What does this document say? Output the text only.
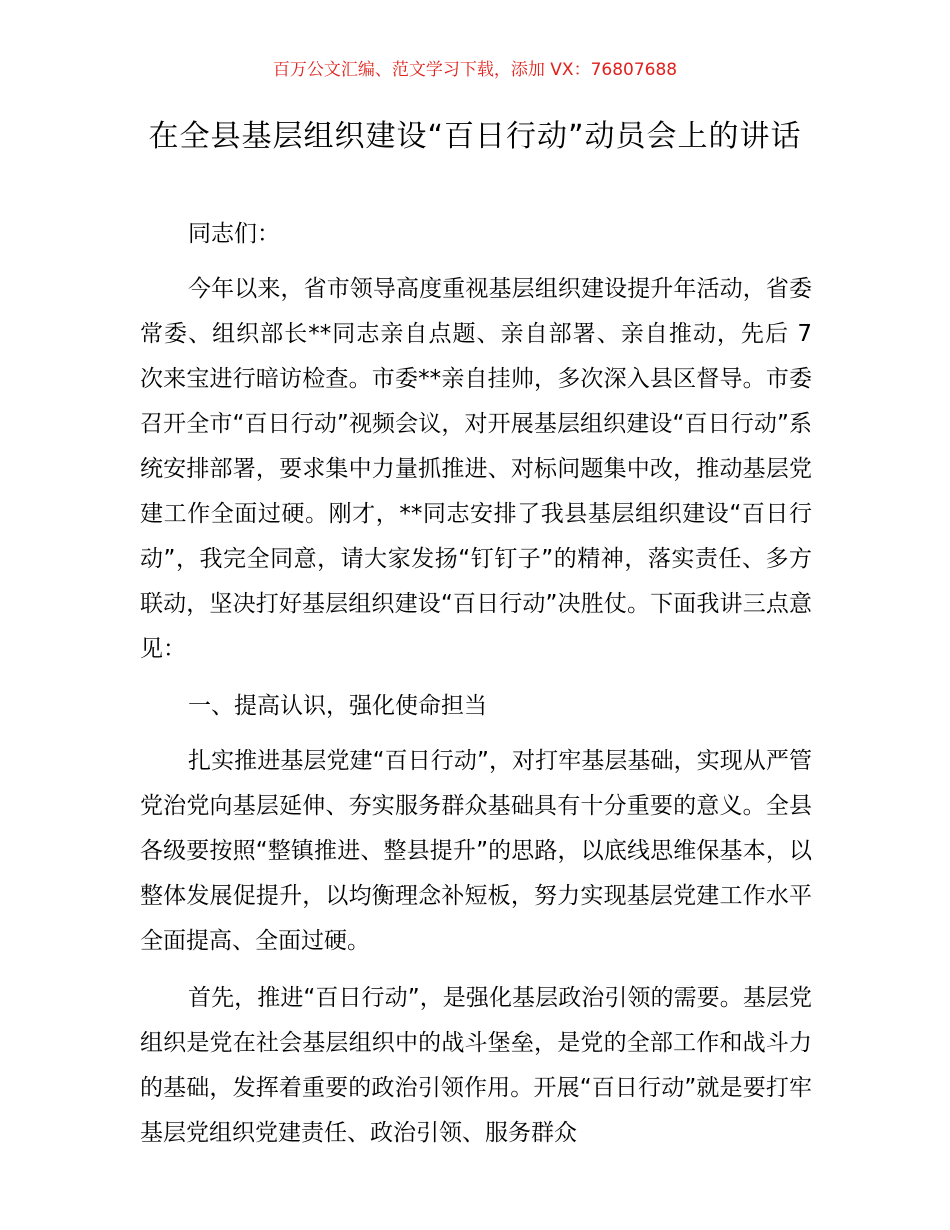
百万公文汇编、范文学习下载，添加 VX：76807688
在全县基层组织建设“百日行动”动员会上的讲话

同志们：

今年以来，省市领导高度重视基层组织建设提升年活动，省委常委、组织部长**同志亲自点题、亲自部署、亲自推动，先后 7 次来宝进行暗访检查。市委**亲自挂帅，多次深入县区督导。市委召开全市“百日行动”视频会议，对开展基层组织建设“百日行动”系统安排部署，要求集中力量抓推进、对标问题集中改，推动基层党建工作全面过硬。刚才，**同志安排了我县基层组织建设“百日行动”，我完全同意，请大家发扬“钉钉子”的精神，落实责任、多方联动，坚决打好基层组织建设“百日行动”决胜仗。下面我讲三点意见：

一、提高认识，强化使命担当

扎实推进基层党建“百日行动”，对打牢基层基础，实现从严管党治党向基层延伸、夯实服务群众基础具有十分重要的意义。全县各级要按照“整镇推进、整县提升”的思路，以底线思维保基本，以整体发展促提升，以均衡理念补短板，努力实现基层党建工作水平全面提高、全面过硬。

首先，推进“百日行动”，是强化基层政治引领的需要。基层党组织是党在社会基层组织中的战斗堡垒，是党的全部工作和战斗力的基础，发挥着重要的政治引领作用。开展“百日行动”就是要打牢基层党组织党建责任、政治引领、服务群众
